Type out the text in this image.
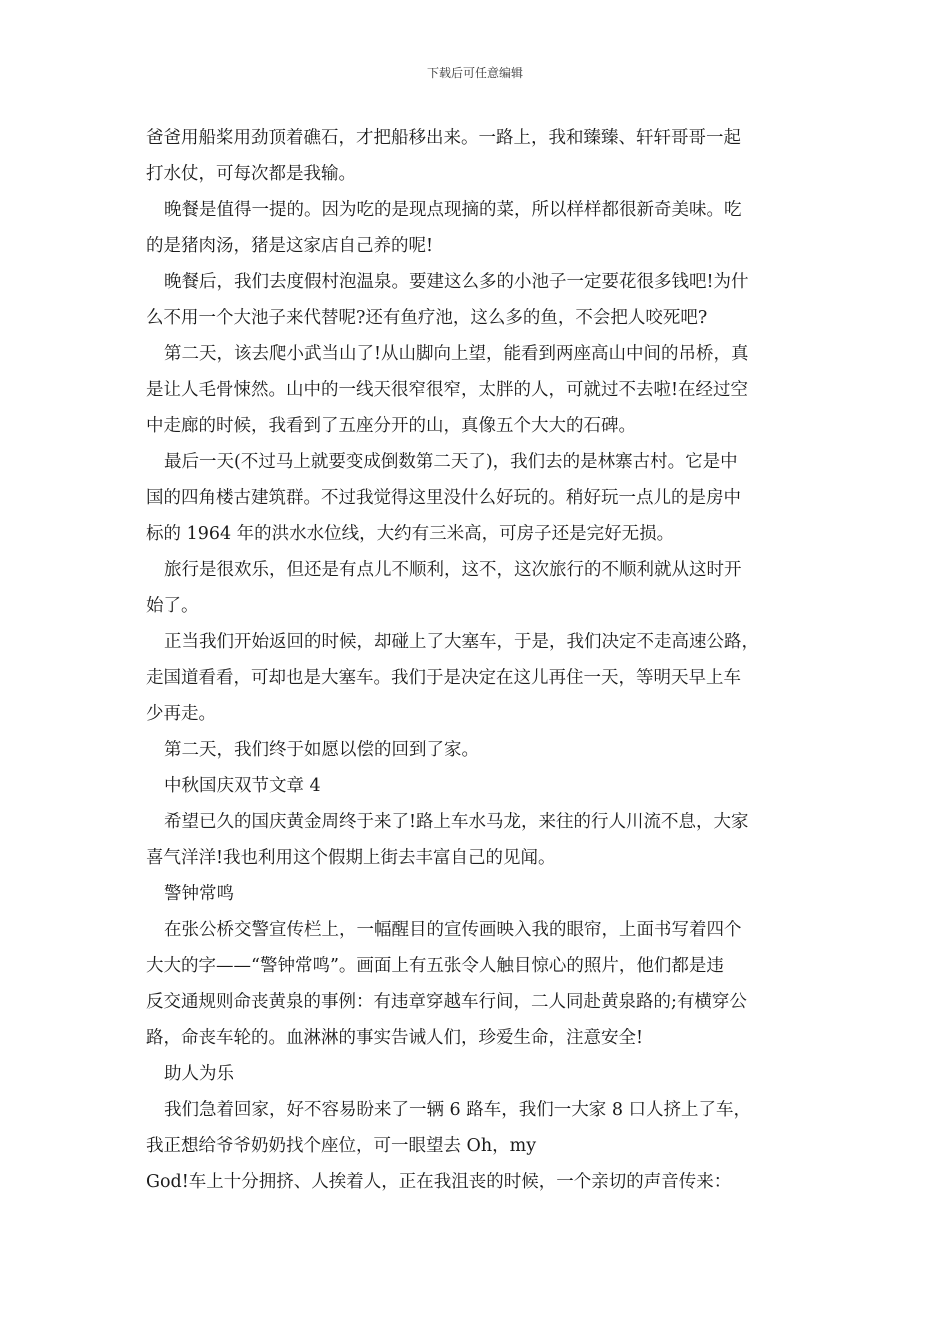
下载后可任意编辑

爸爸用船桨用劲顶着礁石，才把船移出来。一路上，我和臻臻、轩轩哥哥一起

打水仗，可每次都是我输。

晚餐是值得一提的。因为吃的是现点现摘的菜，所以样样都很新奇美味。吃

的是猪肉汤，猪是这家店自己养的呢!

晚餐后，我们去度假村泡温泉。要建这么多的小池子一定要花很多钱吧!为什

么不用一个大池子来代替呢?还有鱼疗池，这么多的鱼，不会把人咬死吧?

第二天，该去爬小武当山了!从山脚向上望，能看到两座高山中间的吊桥，真

是让人毛骨悚然。山中的一线天很窄很窄，太胖的人，可就过不去啦!在经过空

中走廊的时候，我看到了五座分开的山，真像五个大大的石碑。

最后一天(不过马上就要变成倒数第二天了)，我们去的是林寨古村。它是中

国的四角楼古建筑群。不过我觉得这里没什么好玩的。稍好玩一点儿的是房中

标的 1964 年的洪水水位线，大约有三米高，可房子还是完好无损。

旅行是很欢乐，但还是有点儿不顺利，这不，这次旅行的不顺利就从这时开

始了。

正当我们开始返回的时候，却碰上了大塞车，于是，我们决定不走高速公路，

走国道看看，可却也是大塞车。我们于是决定在这儿再住一天，等明天早上车

少再走。

第二天，我们终于如愿以偿的回到了家。

中秋国庆双节文章 4

希望已久的国庆黄金周终于来了!路上车水马龙，来往的行人川流不息，大家

喜气洋洋!我也利用这个假期上街去丰富自己的见闻。

警钟常鸣

在张公桥交警宣传栏上，一幅醒目的宣传画映入我的眼帘，上面书写着四个

大大的字——“警钟常鸣”。画面上有五张令人触目惊心的照片，他们都是违

反交通规则命丧黄泉的事例：有违章穿越车行间，二人同赴黄泉路的;有横穿公

路，命丧车轮的。血淋淋的事实告诫人们，珍爱生命，注意安全!

助人为乐

我们急着回家，好不容易盼来了一辆 6 路车，我们一大家 8 口人挤上了车，

我正想给爷爷奶奶找个座位，可一眼望去 Oh，my

God!车上十分拥挤、人挨着人，正在我沮丧的时候，一个亲切的声音传来：
